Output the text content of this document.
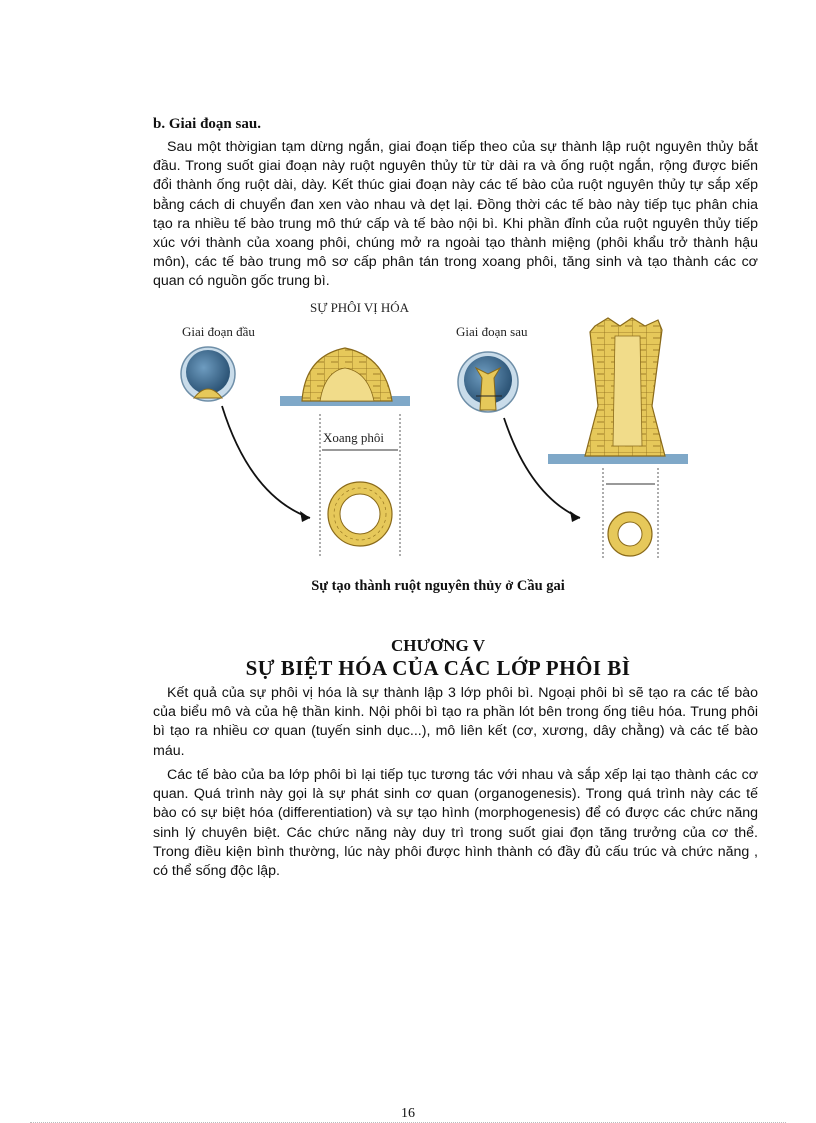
b. Giai đoạn sau.

Sau một thờigian tạm dừng ngắn, giai đoạn tiếp theo của sự thành lập ruột nguyên thủy bắt đầu. Trong suốt giai đoạn này ruột nguyên thủy từ từ dài ra và ống ruột ngắn, rộng được biến đổi thành ống ruột dài, dày. Kết thúc giai đoạn này các tế bào của ruột nguyên thủy tự sắp xếp bằng cách di chuyển đan xen vào nhau và dẹt lại. Đồng thời các tế bào này tiếp tục phân chia tạo ra nhiều tế bào trung mô thứ cấp và tế bào nội bì. Khi phần đỉnh của ruột nguyên thủy tiếp xúc với thành của xoang phôi, chúng mở ra ngoài tạo thành miệng (phôi khẩu trở thành hậu môn), các tế bào trung mô sơ cấp phân tán trong xoang phôi, tăng sinh và tạo thành các cơ quan có nguồn gốc trung bì.

SỰ PHÔI VỊ HÓA
Giai đoạn đầu
Xoang phôi
Giai đoạn sau
Sự tạo thành ruột nguyên thủy ở Cầu gai
CHƯƠNG V
SỰ BIỆT HÓA CỦA CÁC LỚP PHÔI BÌ

Kết quả của sự phôi vị hóa là sự thành lập 3 lớp phôi bì. Ngoại phôi bì sẽ tạo ra các tế bào của biểu mô và của hệ thần kinh. Nội phôi bì tạo ra phần lót bên trong ống tiêu hóa. Trung phôi bì tạo ra nhiều cơ quan (tuyến sinh dục...), mô liên kết (cơ, xương, dây chằng) và các tế bào máu.

Các tế bào của ba lớp phôi bì lại tiếp tục tương tác với nhau và sắp xếp lại tạo thành các cơ quan. Quá trình này gọi là sự phát sinh cơ quan (organogenesis). Trong quá trình này các tế bào có sự biệt hóa (differentiation) và sự tạo hình (morphogenesis) để có được các chức năng sinh lý chuyên biệt. Các chức năng này duy trì trong suốt giai đọn tăng trưởng của cơ thể. Trong điều kiện bình thường, lúc này phôi được hình thành có đầy đủ cấu trúc và chức năng , có thể sống độc lập.

16
